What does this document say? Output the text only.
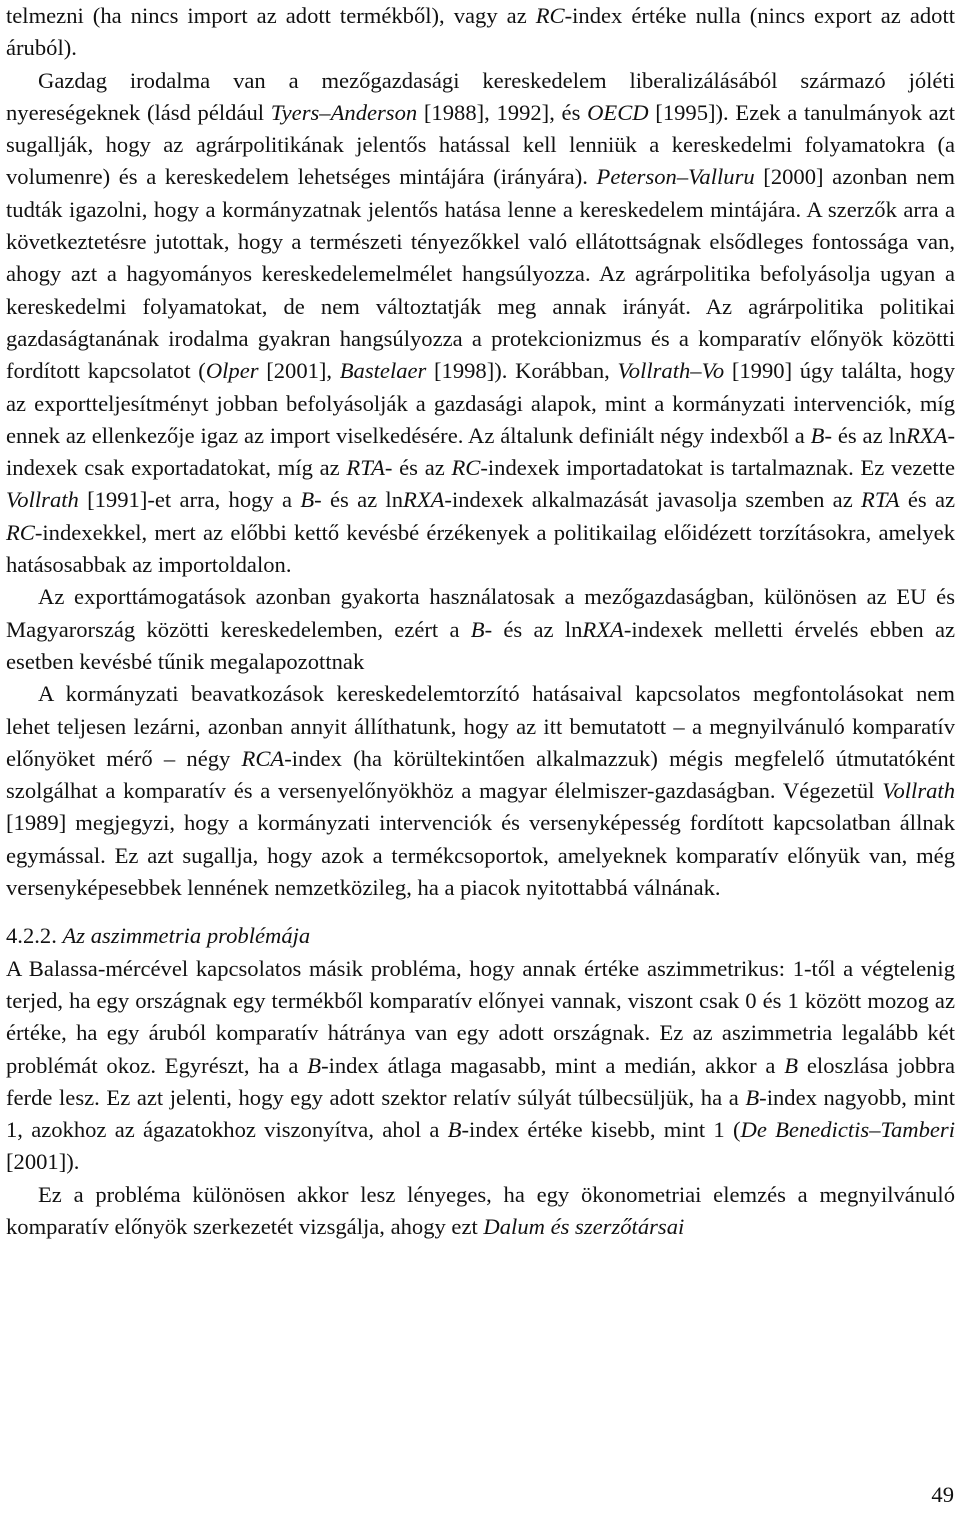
telmezni (ha nincs import az adott termékből), vagy az RC-index értéke nulla (nincs export az adott áruból).

Gazdag irodalma van a mezőgazdasági kereskedelem liberalizálásából származó jóléti nyereségeknek (lásd például Tyers–Anderson [1988], 1992], és OECD [1995]). Ezek a tanulmányok azt sugallják, hogy az agrárpolitikának jelentős hatással kell lenniük a kereskedelmi folyamatokra (a volumenre) és a kereskedelem lehetséges mintájára (irányára). Peterson–Valluru [2000] azonban nem tudták igazolni, hogy a kormányzatnak jelentős hatása lenne a kereskedelem mintájára. A szerzők arra a következtetésre jutottak, hogy a természeti tényezőkkel való ellátottságnak elsődleges fontossága van, ahogy azt a hagyományos kereskedelemelmélet hangsúlyozza. Az agrárpolitika befolyásolja ugyan a kereskedelmi folyamatokat, de nem változtatják meg annak irányát. Az agrárpolitika politikai gazdaságtanának irodalma gyakran hangsúlyozza a protekcionizmus és a komparatív előnyök közötti fordított kapcsolatot (Olper [2001], Bastelaer [1998]). Korábban, Vollrath–Vo [1990] úgy találta, hogy az exportteljesítményt jobban befolyásolják a gazdasági alapok, mint a kormányzati intervenciók, míg ennek az ellenkezője igaz az import viselkedésére. Az általunk definiált négy indexből a B- és az lnRXA-indexek csak exportadatokat, míg az RTA- és az RC-indexek importadatokat is tartalmaznak. Ez vezette Vollrath [1991]-et arra, hogy a B- és az lnRXA-indexek alkalmazását javasolja szemben az RTA és az RC-indexekkel, mert az előbbi kettő kevésbé érzékenyek a politikailag előidézett torzításokra, amelyek hatásosabbak az importoldalon.

Az exporttámogatások azonban gyakorta használatosak a mezőgazdaságban, különösen az EU és Magyarország közötti kereskedelemben, ezért a B- és az lnRXA-indexek melletti érvelés ebben az esetben kevésbé tűnik megalapozottnak

A kormányzati beavatkozások kereskedelemtorzító hatásaival kapcsolatos megfontolásokat nem lehet teljesen lezárni, azonban annyit állíthatunk, hogy az itt bemutatott – a megnyilvánuló komparatív előnyöket mérő – négy RCA-index (ha körültekintően alkalmazzuk) mégis megfelelő útmutatóként szolgálhat a komparatív és a versenyelőnyökhöz a magyar élelmiszer-gazdaságban. Végezetül Vollrath [1989] megjegyzi, hogy a kormányzati intervenciók és versenyképesség fordított kapcsolatban állnak egymással. Ez azt sugallja, hogy azok a termékcsoportok, amelyeknek komparatív előnyük van, még versenyképesebbek lennének nemzetközileg, ha a piacok nyitottabbá válnának.

4.2.2. Az aszimmetria problémája

A Balassa-mércével kapcsolatos másik probléma, hogy annak értéke aszimmetrikus: 1-től a végtelenig terjed, ha egy országnak egy termékből komparatív előnyei vannak, viszont csak 0 és 1 között mozog az értéke, ha egy áruból komparatív hátránya van egy adott országnak. Ez az aszimmetria legalább két problémát okoz. Egyrészt, ha a B-index átlaga magasabb, mint a medián, akkor a B eloszlása jobbra ferde lesz. Ez azt jelenti, hogy egy adott szektor relatív súlyát túlbecsüljük, ha a B-index nagyobb, mint 1, azokhoz az ágazatokhoz viszonyítva, ahol a B-index értéke kisebb, mint 1 (De Benedictis–Tamberi [2001]).

Ez a probléma különösen akkor lesz lényeges, ha egy ökonometriai elemzés a megnyilvánuló komparatív előnyök szerkezetét vizsgálja, ahogy ezt Dalum és szerzőtársai

49
